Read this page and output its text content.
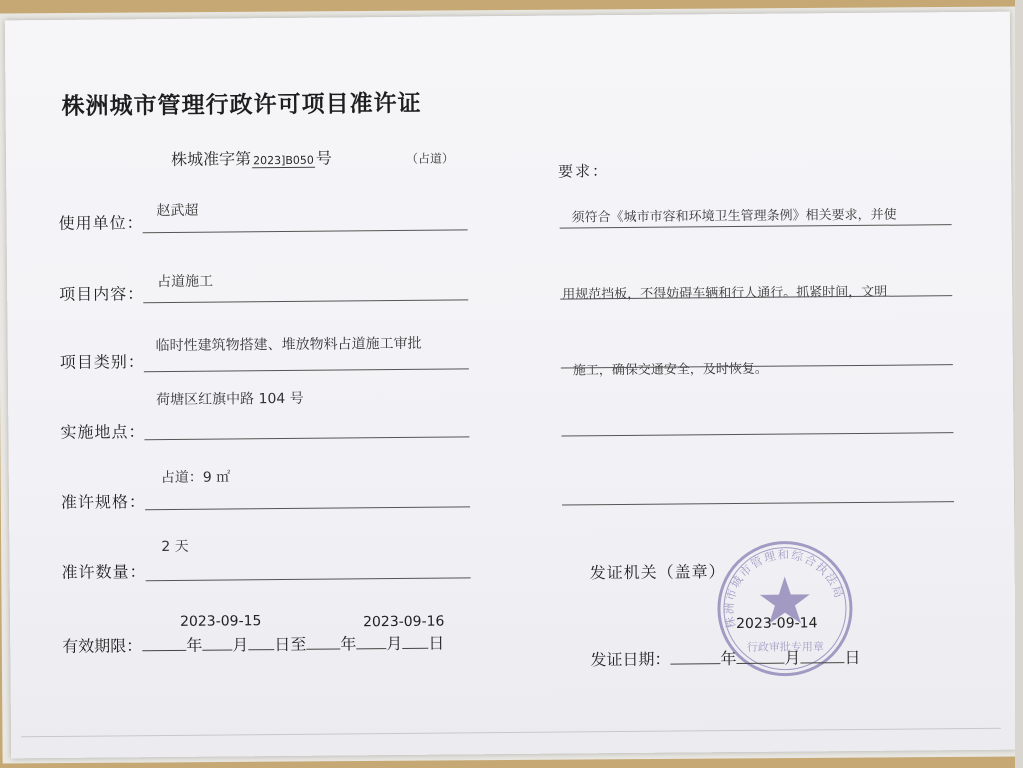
株洲城市管理行政许可项目准许证
株城准字第 2023]B050 号	（占道）
使用单位：
赵武超
项目内容：
占道施工
项目类别：
临时性建筑物搭建、堆放物料占道施工审批
实施地点：
荷塘区红旗中路 104 号
准许规格：
占道：9 ㎡
准许数量：
2 天
2023-09-15	2023-09-16
有效期限：	年 月 日至 年 月 日
要求：
须符合《城市市容和环境卫生管理条例》相关要求，并使
用规范挡板，不得妨碍车辆和行人通行。抓紧时间，文明
施工，确保交通安全，及时恢复。
发证机关（盖章）
株洲市城市管理和综合执法局
行政审批专用章
2023-09-14
发证日期：	年	月	日
